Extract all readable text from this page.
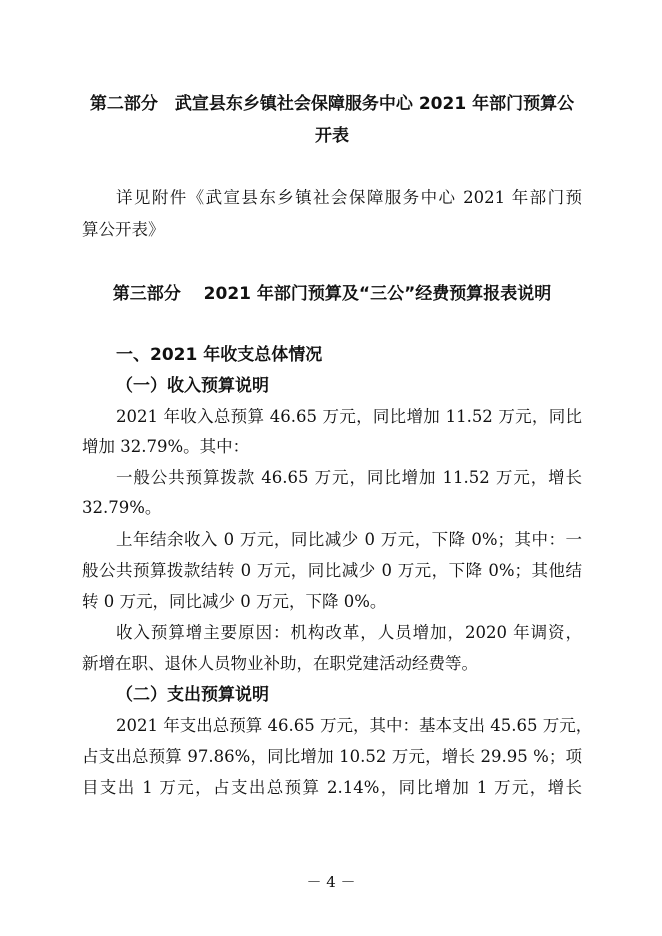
第二部分　武宣县东乡镇社会保障服务中心 2021 年部门预算公
开表
详见附件《武宣县东乡镇社会保障服务中心 2021 年部门预
算公开表》
第三部分　 2021 年部门预算及“三公”经费预算报表说明
一、2021 年收支总体情况
（一）收入预算说明
2021 年收入总预算 46.65 万元，同比增加 11.52 万元，同比
增加 32.79%。其中：
一般公共预算拨款 46.65 万元，同比增加 11.52 万元，增长
32.79%。
上年结余收入 0 万元，同比减少 0 万元，下降 0%；其中：一
般公共预算拨款结转 0 万元，同比减少 0 万元，下降 0%；其他结
转 0 万元，同比减少 0 万元，下降 0%。
收入预算增主要原因：机构改革，人员增加，2020 年调资，
新增在职、退休人员物业补助，在职党建活动经费等。
（二）支出预算说明
2021 年支出总预算 46.65 万元，其中：基本支出 45.65 万元，
占支出总预算 97.86%，同比增加 10.52 万元，增长 29.95 %；项
目支出 1 万元，占支出总预算 2.14%，同比增加 1 万元，增长
－ 4 －
